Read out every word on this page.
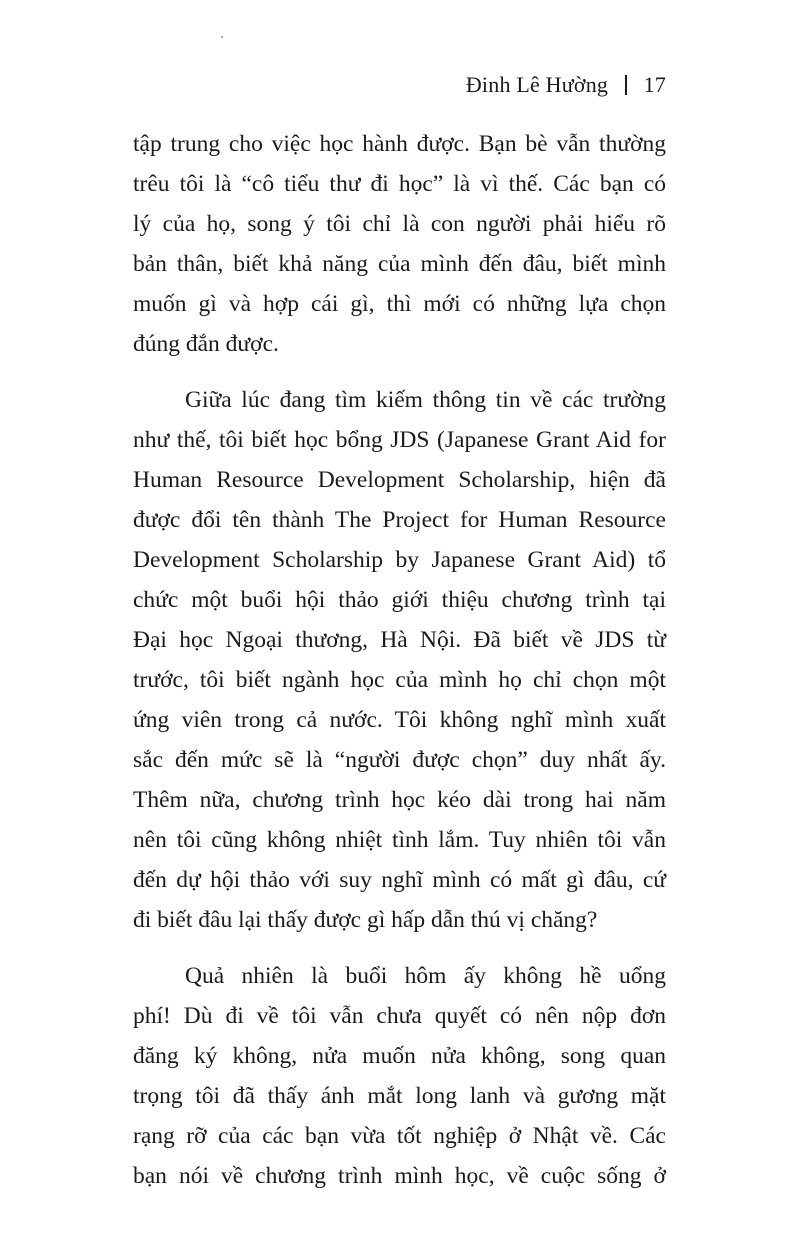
Đinh Lê Hường 17
tập trung cho việc học hành được. Bạn bè vẫn thường
trêu tôi là “cô tiểu thư đi học” là vì thế. Các bạn có
lý của họ, song ý tôi chỉ là con người phải hiểu rõ
bản thân, biết khả năng của mình đến đâu, biết mình
muốn gì và hợp cái gì, thì mới có những lựa chọn
đúng đắn được.
Giữa lúc đang tìm kiếm thông tin về các trường
như thế, tôi biết học bổng JDS (Japanese Grant Aid for
Human Resource Development Scholarship, hiện đã
được đổi tên thành The Project for Human Resource
Development Scholarship by Japanese Grant Aid) tổ
chức một buổi hội thảo giới thiệu chương trình tại
Đại học Ngoại thương, Hà Nội. Đã biết về JDS từ
trước, tôi biết ngành học của mình họ chỉ chọn một
ứng viên trong cả nước. Tôi không nghĩ mình xuất
sắc đến mức sẽ là “người được chọn” duy nhất ấy.
Thêm nữa, chương trình học kéo dài trong hai năm
nên tôi cũng không nhiệt tình lắm. Tuy nhiên tôi vẫn
đến dự hội thảo với suy nghĩ mình có mất gì đâu, cứ
đi biết đâu lại thấy được gì hấp dẫn thú vị chăng?
Quả nhiên là buổi hôm ấy không hề uổng
phí! Dù đi về tôi vẫn chưa quyết có nên nộp đơn
đăng ký không, nửa muốn nửa không, song quan
trọng tôi đã thấy ánh mắt long lanh và gương mặt
rạng rỡ của các bạn vừa tốt nghiệp ở Nhật về. Các
bạn nói về chương trình mình học, về cuộc sống ở
